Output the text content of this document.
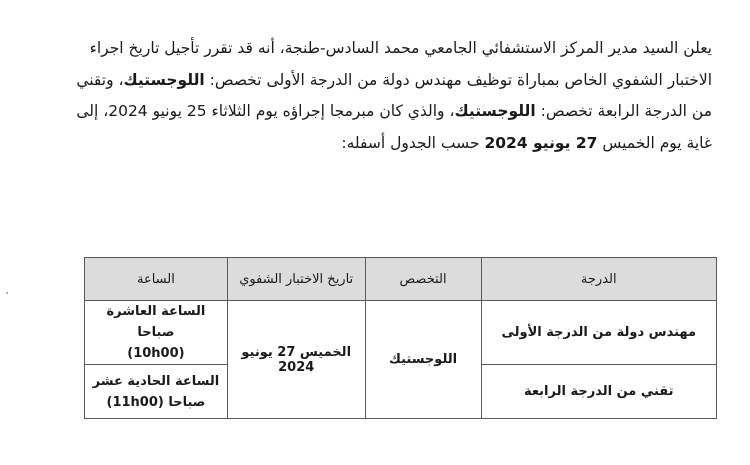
يعلن السيد مدير المركز الاستشفائي الجامعي محمد السادس-طنجة، أنه قد تقرر تأجيل تاريخ اجراء الاختبار الشفوي الخاص بمباراة توظيف مهندس دولة من الدرجة الأولى تخصص: اللوجستيك، وتقني من الدرجة الرابعة تخصص: اللوجستيك، والذي كان مبرمجا إجراؤه يوم الثلاثاء 25 يونيو 2024، إلى غاية يوم الخميس 27 يونيو 2024 حسب الجدول أسفله:

الدرجة	التخصص	تاريخ الاختبار الشفوي	الساعة
مهندس دولة من الدرجة الأولى	اللوجستيك	الخميس 27 يونيو 2024	الساعة العاشرة صباحا
(10h00)

تقني من الدرجة الرابعة			الساعة الحادية عشر
صباحا (11h00)
